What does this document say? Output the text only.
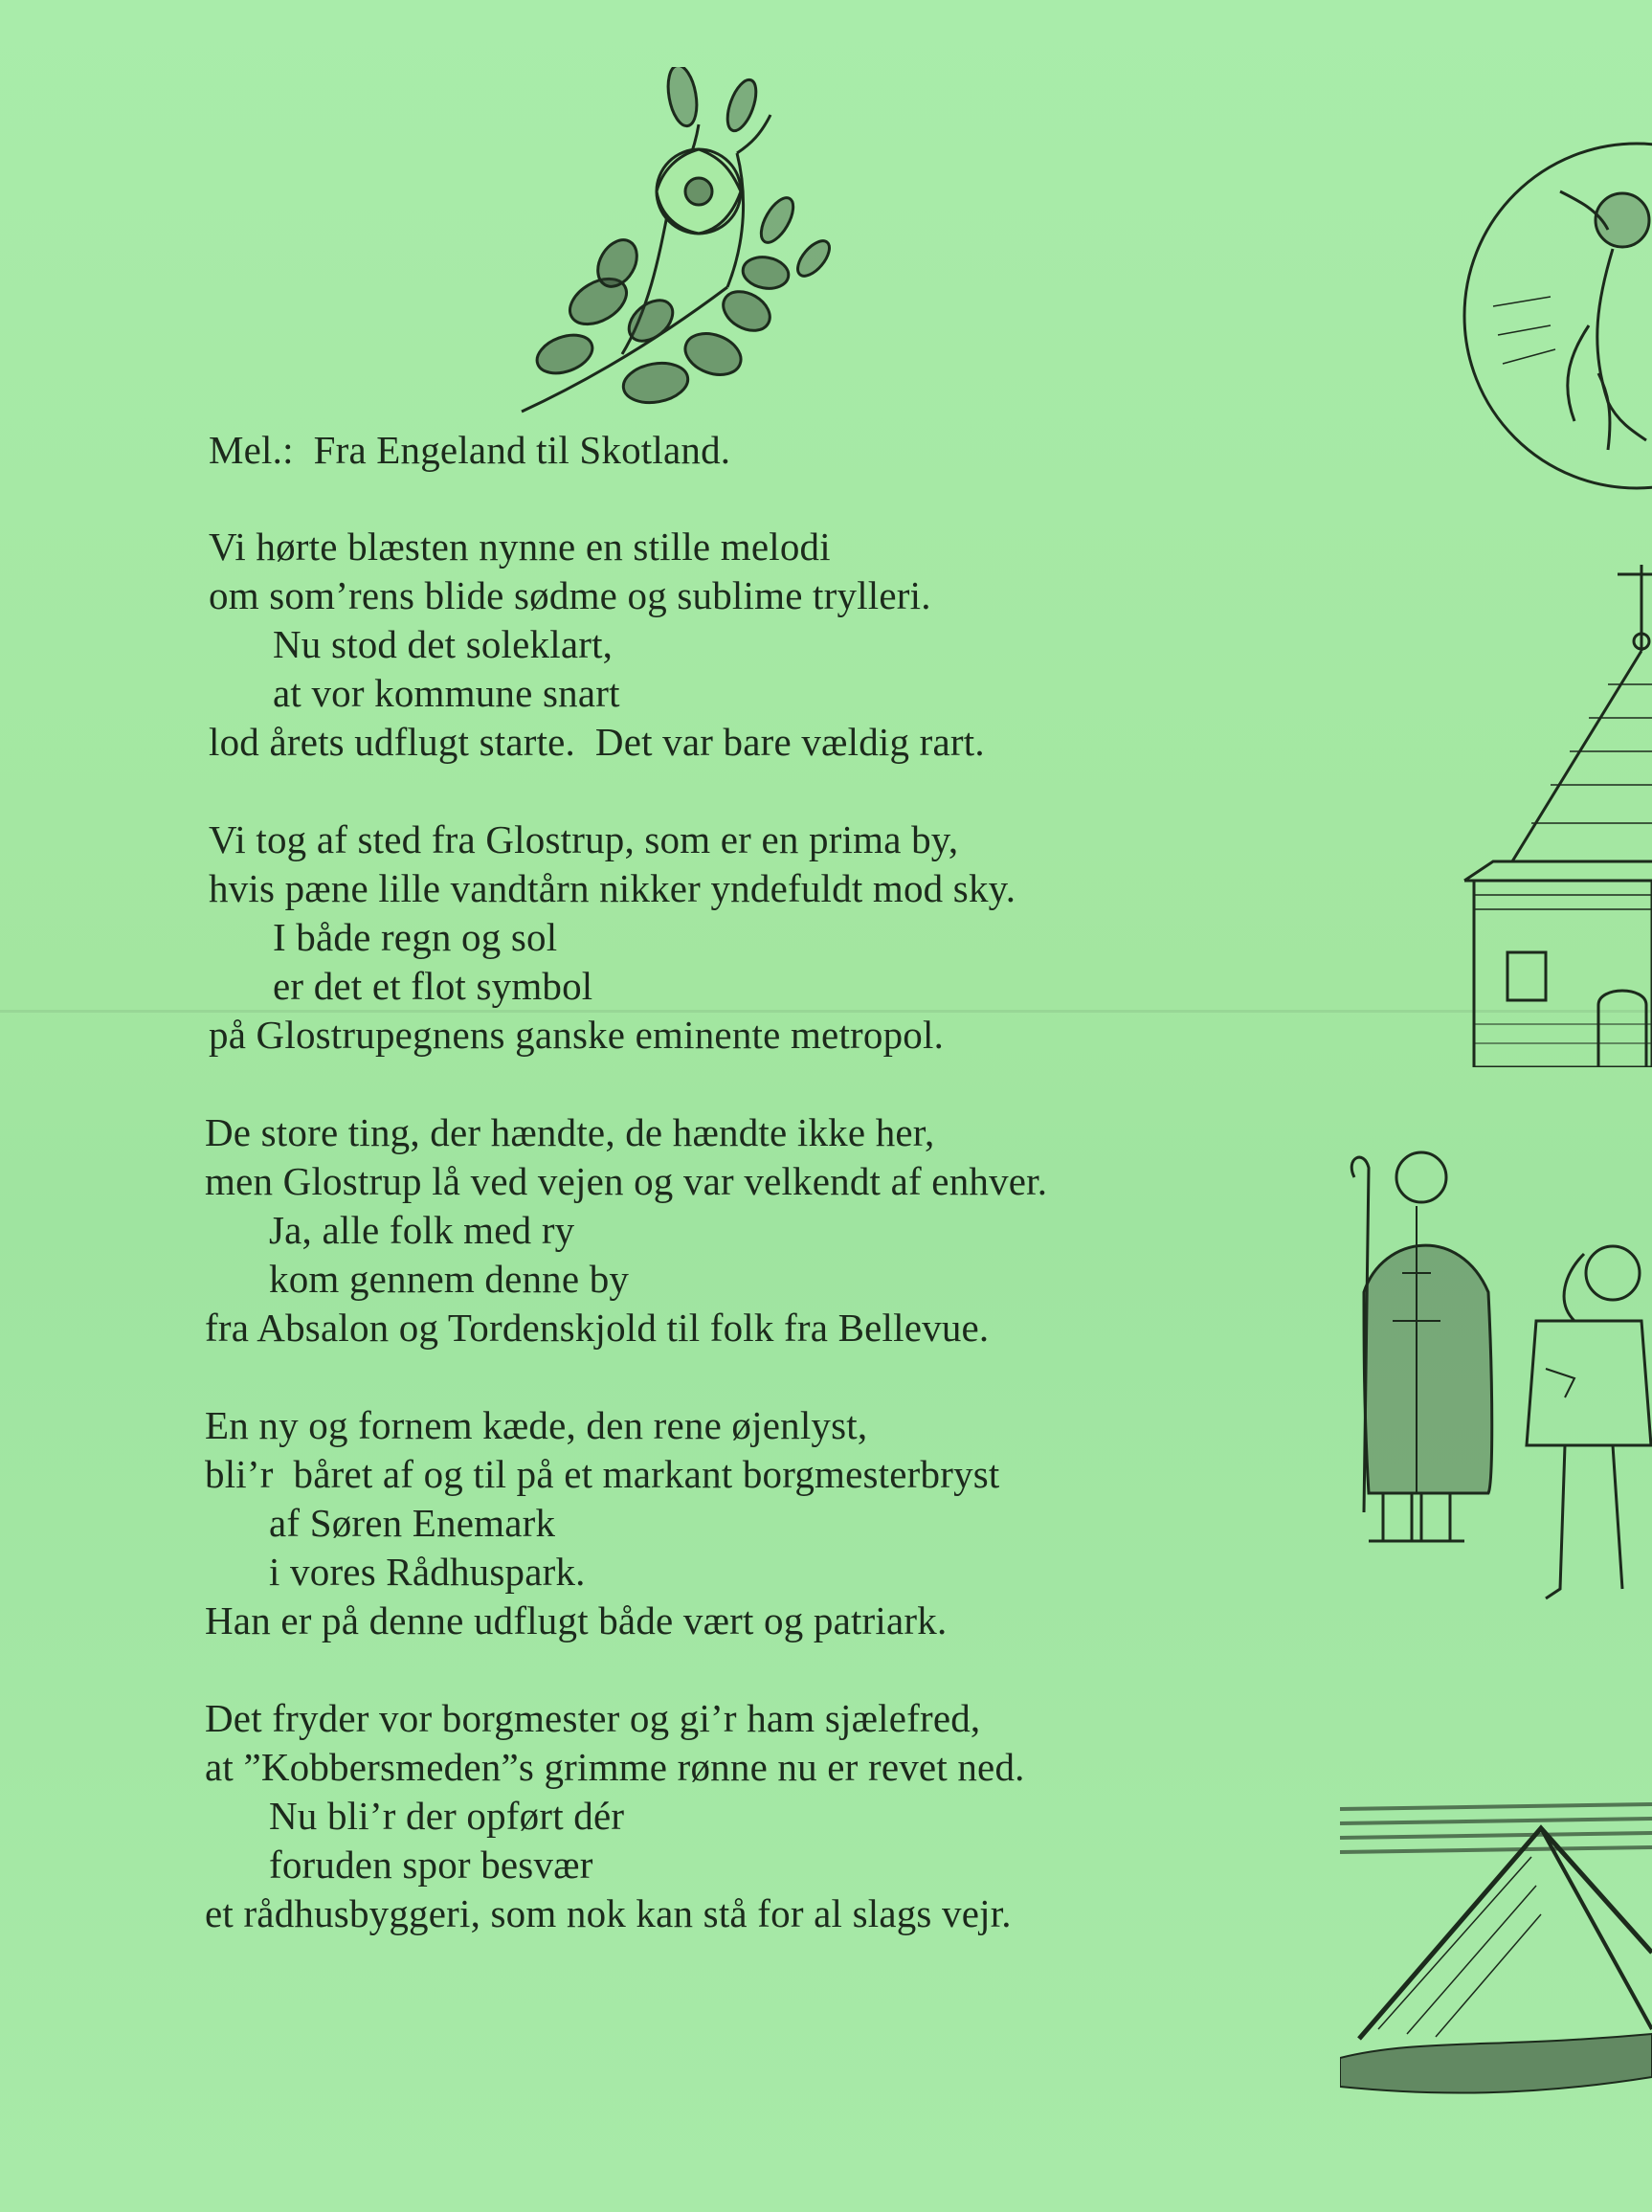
Mel.:  Fra Engeland til Skotland.
Vi hørte blæsten nynne en stille melodi
om som’rens blide sødme og sublime trylleri.
Nu stod det soleklart,
at vor kommune snart
lod årets udflugt starte.  Det var bare vældig rart.
Vi tog af sted fra Glostrup, som er en prima by,
hvis pæne lille vandtårn nikker yndefuldt mod sky.
I både regn og sol
er det et flot symbol
på Glostrupegnens ganske eminente metropol.
De store ting, der hændte, de hændte ikke her,
men Glostrup lå ved vejen og var velkendt af enhver.
Ja, alle folk med ry
kom gennem denne by
fra Absalon og Tordenskjold til folk fra Bellevue.
En ny og fornem kæde, den rene øjenlyst,
bli’r  båret af og til på et markant borgmesterbryst
af Søren Enemark
i vores Rådhuspark.
Han er på denne udflugt både vært og patriark.
Det fryder vor borgmester og gi’r ham sjælefred,
at ”Kobbersmeden”s grimme rønne nu er revet ned.
Nu bli’r der opført dér
foruden spor besvær
et rådhusbyggeri, som nok kan stå for al slags vejr.
